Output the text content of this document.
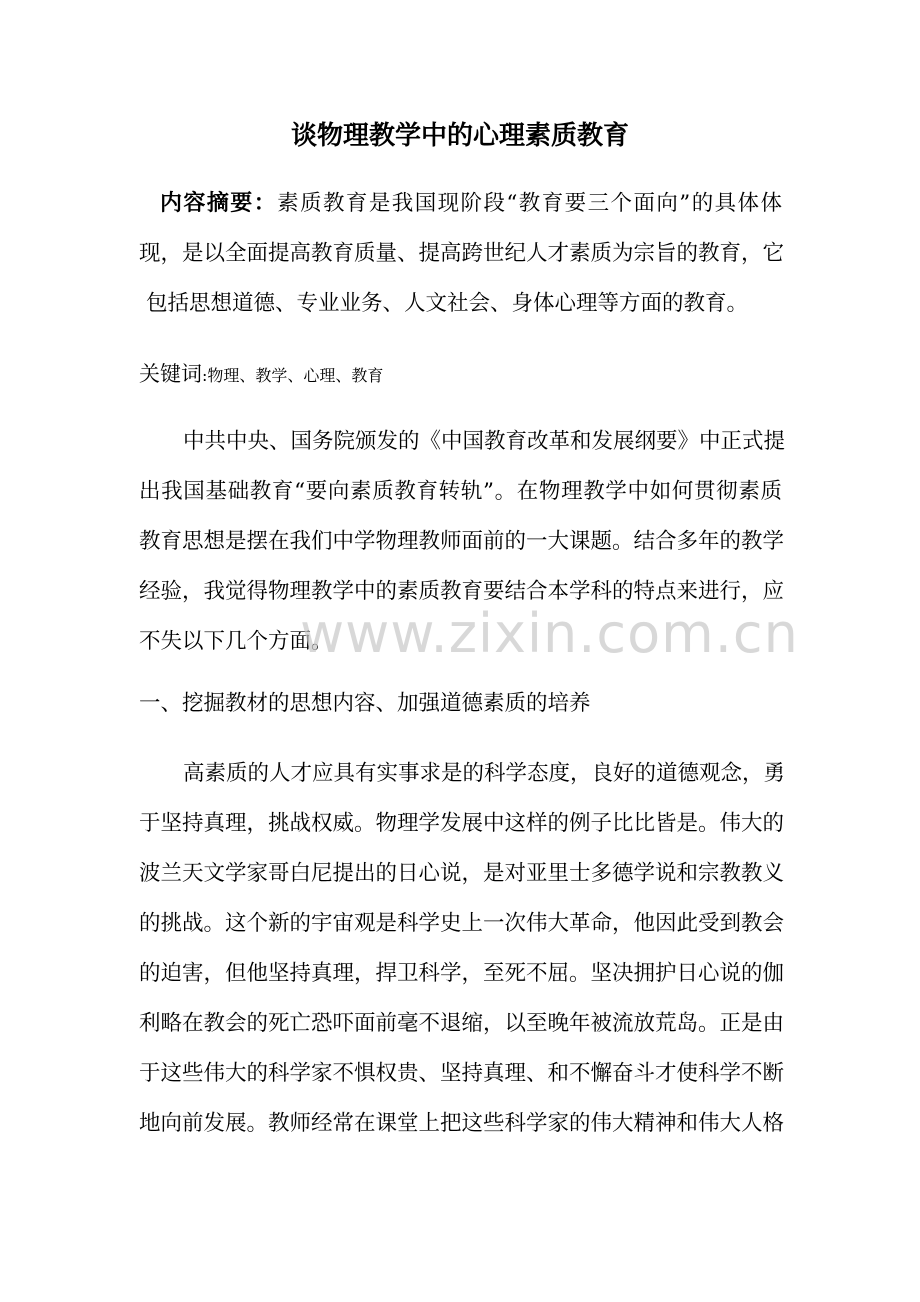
谈物理教学中的心理素质教育
内容摘要：素质教育是我国现阶段“教育要三个面向”的具体体
现，是以全面提高教育质量、提高跨世纪人才素质为宗旨的教育，它
包括思想道德、专业业务、人文社会、身体心理等方面的教育。
关键词:物理、教学、心理、教育
中共中央、国务院颁发的《中国教育改革和发展纲要》中正式提
出我国基础教育“要向素质教育转轨”。在物理教学中如何贯彻素质
教育思想是摆在我们中学物理教师面前的一大课题。结合多年的教学
经验，我觉得物理教学中的素质教育要结合本学科的特点来进行，应
不失以下几个方面。
一、挖掘教材的思想内容、加强道德素质的培养
高素质的人才应具有实事求是的科学态度，良好的道德观念，勇
于坚持真理，挑战权威。物理学发展中这样的例子比比皆是。伟大的
波兰天文学家哥白尼提出的日心说，是对亚里士多德学说和宗教教义
的挑战。这个新的宇宙观是科学史上一次伟大革命，他因此受到教会
的迫害，但他坚持真理，捍卫科学，至死不屈。坚决拥护日心说的伽
利略在教会的死亡恐吓面前毫不退缩，以至晚年被流放荒岛。正是由
于这些伟大的科学家不惧权贵、坚持真理、和不懈奋斗才使科学不断
地向前发展。教师经常在课堂上把这些科学家的伟大精神和伟大人格
www.zixin.com.cn
